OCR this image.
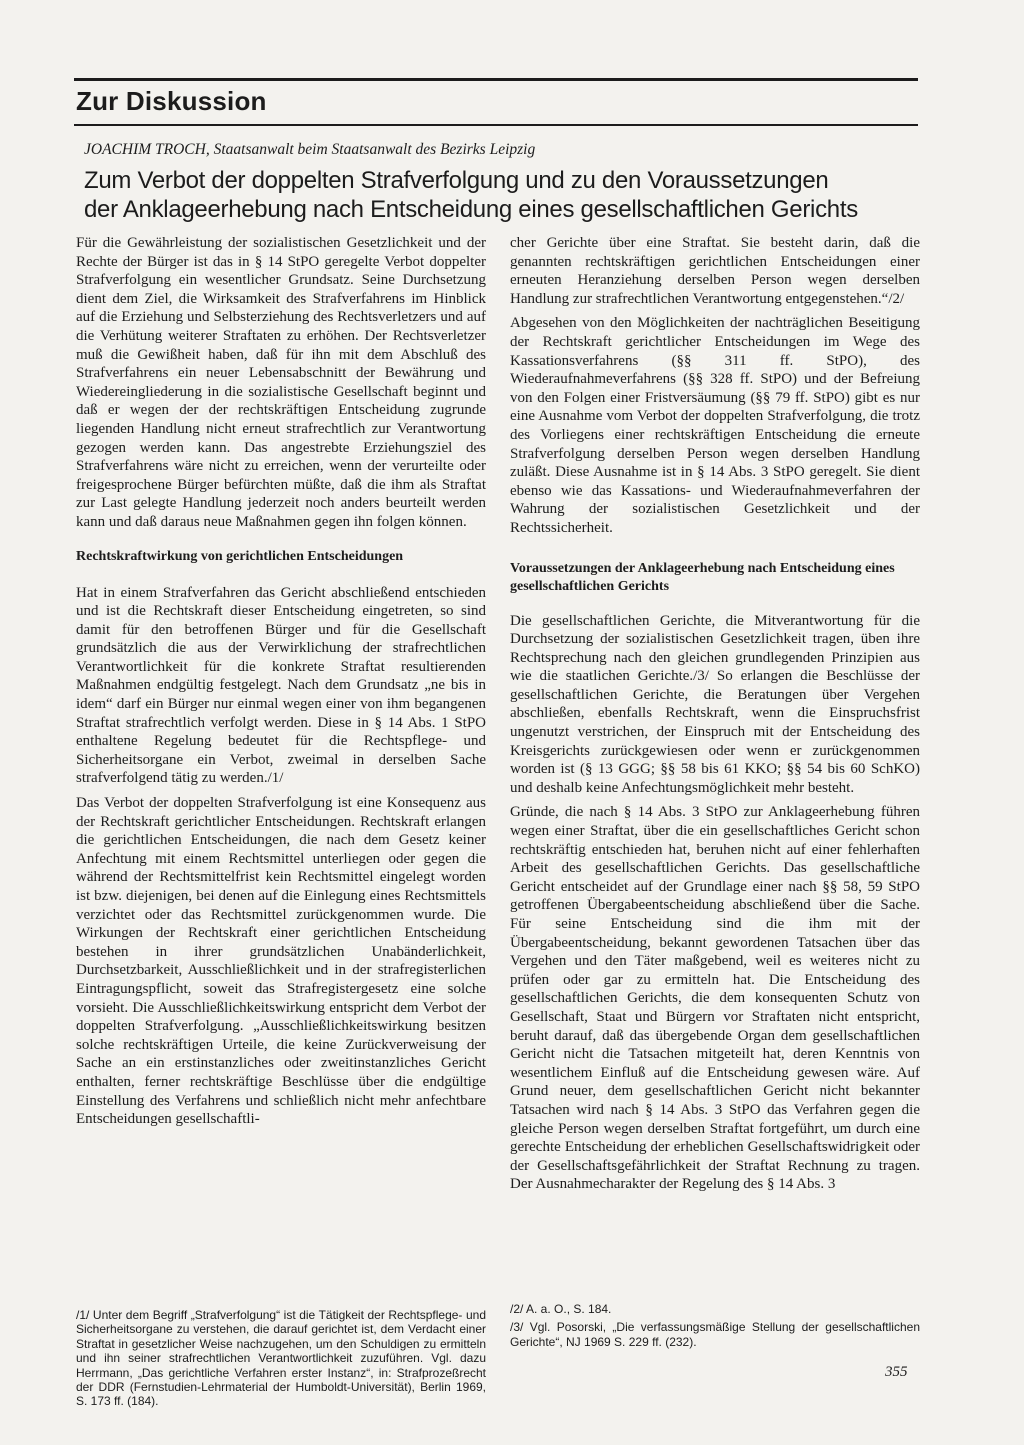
Zur Diskussion

JOACHIM TROCH, Staatsanwalt beim Staatsanwalt des Bezirks Leipzig

Zum Verbot der doppelten Strafverfolgung und zu den Voraussetzungen
der Anklageerhebung nach Entscheidung eines gesellschaftlichen Gerichts

Für die Gewährleistung der sozialistischen Gesetzlichkeit und der Rechte der Bürger ist das in § 14 StPO geregelte Verbot doppelter Strafverfolgung ein wesentlicher Grundsatz. Seine Durchsetzung dient dem Ziel, die Wirksamkeit des Strafverfahrens im Hinblick auf die Erziehung und Selbsterziehung des Rechtsverletzers und auf die Verhütung weiterer Straftaten zu erhöhen. Der Rechtsverletzer muß die Gewißheit haben, daß für ihn mit dem Abschluß des Strafverfahrens ein neuer Lebensabschnitt der Bewährung und Wiedereingliederung in die sozialistische Gesellschaft beginnt und daß er wegen der der rechtskräftigen Entscheidung zugrunde liegenden Handlung nicht erneut strafrechtlich zur Verantwortung gezogen werden kann. Das angestrebte Erziehungsziel des Strafverfahrens wäre nicht zu erreichen, wenn der verurteilte oder freigesprochene Bürger befürchten müßte, daß die ihm als Straftat zur Last gelegte Handlung jederzeit noch anders beurteilt werden kann und daß daraus neue Maßnahmen gegen ihn folgen können.

Rechtskraftwirkung von gerichtlichen Entscheidungen

Hat in einem Strafverfahren das Gericht abschließend entschieden und ist die Rechtskraft dieser Entscheidung eingetreten, so sind damit für den betroffenen Bürger und für die Gesellschaft grundsätzlich die aus der Verwirklichung der strafrechtlichen Verantwortlichkeit für die konkrete Straftat resultierenden Maßnahmen endgültig festgelegt. Nach dem Grundsatz „ne bis in idem“ darf ein Bürger nur einmal wegen einer von ihm begangenen Straftat strafrechtlich verfolgt werden. Diese in § 14 Abs. 1 StPO enthaltene Regelung bedeutet für die Rechtspflege- und Sicherheitsorgane ein Verbot, zweimal in derselben Sache strafverfolgend tätig zu werden./1/

Das Verbot der doppelten Strafverfolgung ist eine Konsequenz aus der Rechtskraft gerichtlicher Entscheidungen. Rechtskraft erlangen die gerichtlichen Entscheidungen, die nach dem Gesetz keiner Anfechtung mit einem Rechtsmittel unterliegen oder gegen die während der Rechtsmittelfrist kein Rechtsmittel eingelegt worden ist bzw. diejenigen, bei denen auf die Einlegung eines Rechtsmittels verzichtet oder das Rechtsmittel zurückgenommen wurde. Die Wirkungen der Rechtskraft einer gerichtlichen Entscheidung bestehen in ihrer grundsätzlichen Unabänderlichkeit, Durchsetzbarkeit, Ausschließlichkeit und in der strafregisterlichen Eintragungspflicht, soweit das Strafregistergesetz eine solche vorsieht. Die Ausschließlichkeitswirkung entspricht dem Verbot der doppelten Strafverfolgung. „Ausschließlichkeitswirkung besitzen solche rechtskräftigen Urteile, die keine Zurückverweisung der Sache an ein erstinstanzliches oder zweitinstanzliches Gericht enthalten, ferner rechtskräftige Beschlüsse über die endgültige Einstellung des Verfahrens und schließlich nicht mehr anfechtbare Entscheidungen gesellschaftli-

cher Gerichte über eine Straftat. Sie besteht darin, daß die genannten rechtskräftigen gerichtlichen Entscheidungen einer erneuten Heranziehung derselben Person wegen derselben Handlung zur strafrechtlichen Verantwortung entgegenstehen.“/2/

Abgesehen von den Möglichkeiten der nachträglichen Beseitigung der Rechtskraft gerichtlicher Entscheidungen im Wege des Kassationsverfahrens (§§ 311 ff. StPO), des Wiederaufnahmeverfahrens (§§ 328 ff. StPO) und der Befreiung von den Folgen einer Fristversäumung (§§ 79 ff. StPO) gibt es nur eine Ausnahme vom Verbot der doppelten Strafverfolgung, die trotz des Vorliegens einer rechtskräftigen Entscheidung die erneute Strafverfolgung derselben Person wegen derselben Handlung zuläßt. Diese Ausnahme ist in § 14 Abs. 3 StPO geregelt. Sie dient ebenso wie das Kassations- und Wiederaufnahmeverfahren der Wahrung der sozialistischen Gesetzlichkeit und der Rechtssicherheit.

Voraussetzungen der Anklageerhebung nach Entscheidung eines gesellschaftlichen Gerichts

Die gesellschaftlichen Gerichte, die Mitverantwortung für die Durchsetzung der sozialistischen Gesetzlichkeit tragen, üben ihre Rechtsprechung nach den gleichen grundlegenden Prinzipien aus wie die staatlichen Gerichte./3/ So erlangen die Beschlüsse der gesellschaftlichen Gerichte, die Beratungen über Vergehen abschließen, ebenfalls Rechtskraft, wenn die Einspruchsfrist ungenutzt verstrichen, der Einspruch mit der Entscheidung des Kreisgerichts zurückgewiesen oder wenn er zurückgenommen worden ist (§ 13 GGG; §§ 58 bis 61 KKO; §§ 54 bis 60 SchKO) und deshalb keine Anfechtungsmöglichkeit mehr besteht.

Gründe, die nach § 14 Abs. 3 StPO zur Anklageerhebung führen wegen einer Straftat, über die ein gesellschaftliches Gericht schon rechtskräftig entschieden hat, beruhen nicht auf einer fehlerhaften Arbeit des gesellschaftlichen Gerichts. Das gesellschaftliche Gericht entscheidet auf der Grundlage einer nach §§ 58, 59 StPO getroffenen Übergabeentscheidung abschließend über die Sache. Für seine Entscheidung sind die ihm mit der Übergabeentscheidung, bekannt gewordenen Tatsachen über das Vergehen und den Täter maßgebend, weil es weiteres nicht zu prüfen oder gar zu ermitteln hat. Die Entscheidung des gesellschaftlichen Gerichts, die dem konsequenten Schutz von Gesellschaft, Staat und Bürgern vor Straftaten nicht entspricht, beruht darauf, daß das übergebende Organ dem gesellschaftlichen Gericht nicht die Tatsachen mitgeteilt hat, deren Kenntnis von wesentlichem Einfluß auf die Entscheidung gewesen wäre. Auf Grund neuer, dem gesellschaftlichen Gericht nicht bekannter Tatsachen wird nach § 14 Abs. 3 StPO das Verfahren gegen die gleiche Person wegen derselben Straftat fortgeführt, um durch eine gerechte Entscheidung der erheblichen Gesellschaftswidrigkeit oder der Gesellschaftsgefährlichkeit der Straftat Rechnung zu tragen. Der Ausnahmecharakter der Regelung des § 14 Abs. 3

/1/ Unter dem Begriff „Strafverfolgung“ ist die Tätigkeit der Rechtspflege- und Sicherheitsorgane zu verstehen, die darauf gerichtet ist, dem Verdacht einer Straftat in gesetzlicher Weise nachzugehen, um den Schuldigen zu ermitteln und ihn seiner strafrechtlichen Verantwortlichkeit zuzuführen. Vgl. dazu Herrmann, „Das gerichtliche Verfahren erster Instanz“, in: Strafprozeßrecht der DDR (Fernstudien-Lehrmaterial der Humboldt-Universität), Berlin 1969, S. 173 ff. (184).

/2/ A. a. O., S. 184.

/3/ Vgl. Posorski, „Die verfassungsmäßige Stellung der gesellschaftlichen Gerichte“, NJ 1969 S. 229 ff. (232).

355
